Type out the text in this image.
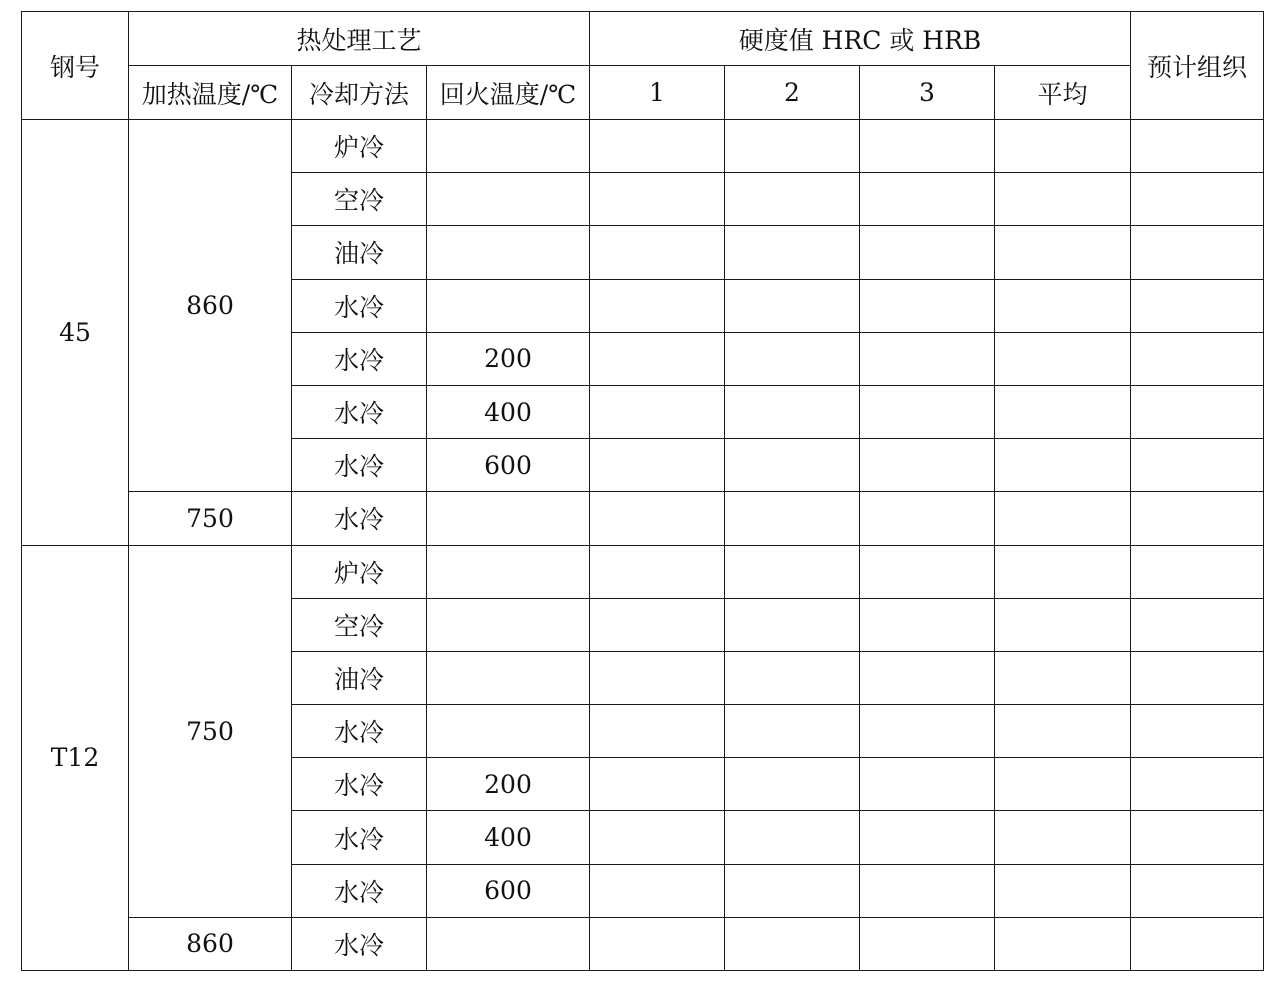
钢号	热处理工艺			硬度值 HRC 或 HRB				预计组织
	加热温度/℃	冷却方法	回火温度/℃	1	2	3	平均	
45	860	炉冷						
		空冷						
		油冷						
		水冷						
		水冷	200					
		水冷	400					
		水冷	600					
	750	水冷						
T12	750	炉冷						
		空冷						
		油冷						
		水冷						
		水冷	200					
		水冷	400					
		水冷	600					
	860	水冷						
